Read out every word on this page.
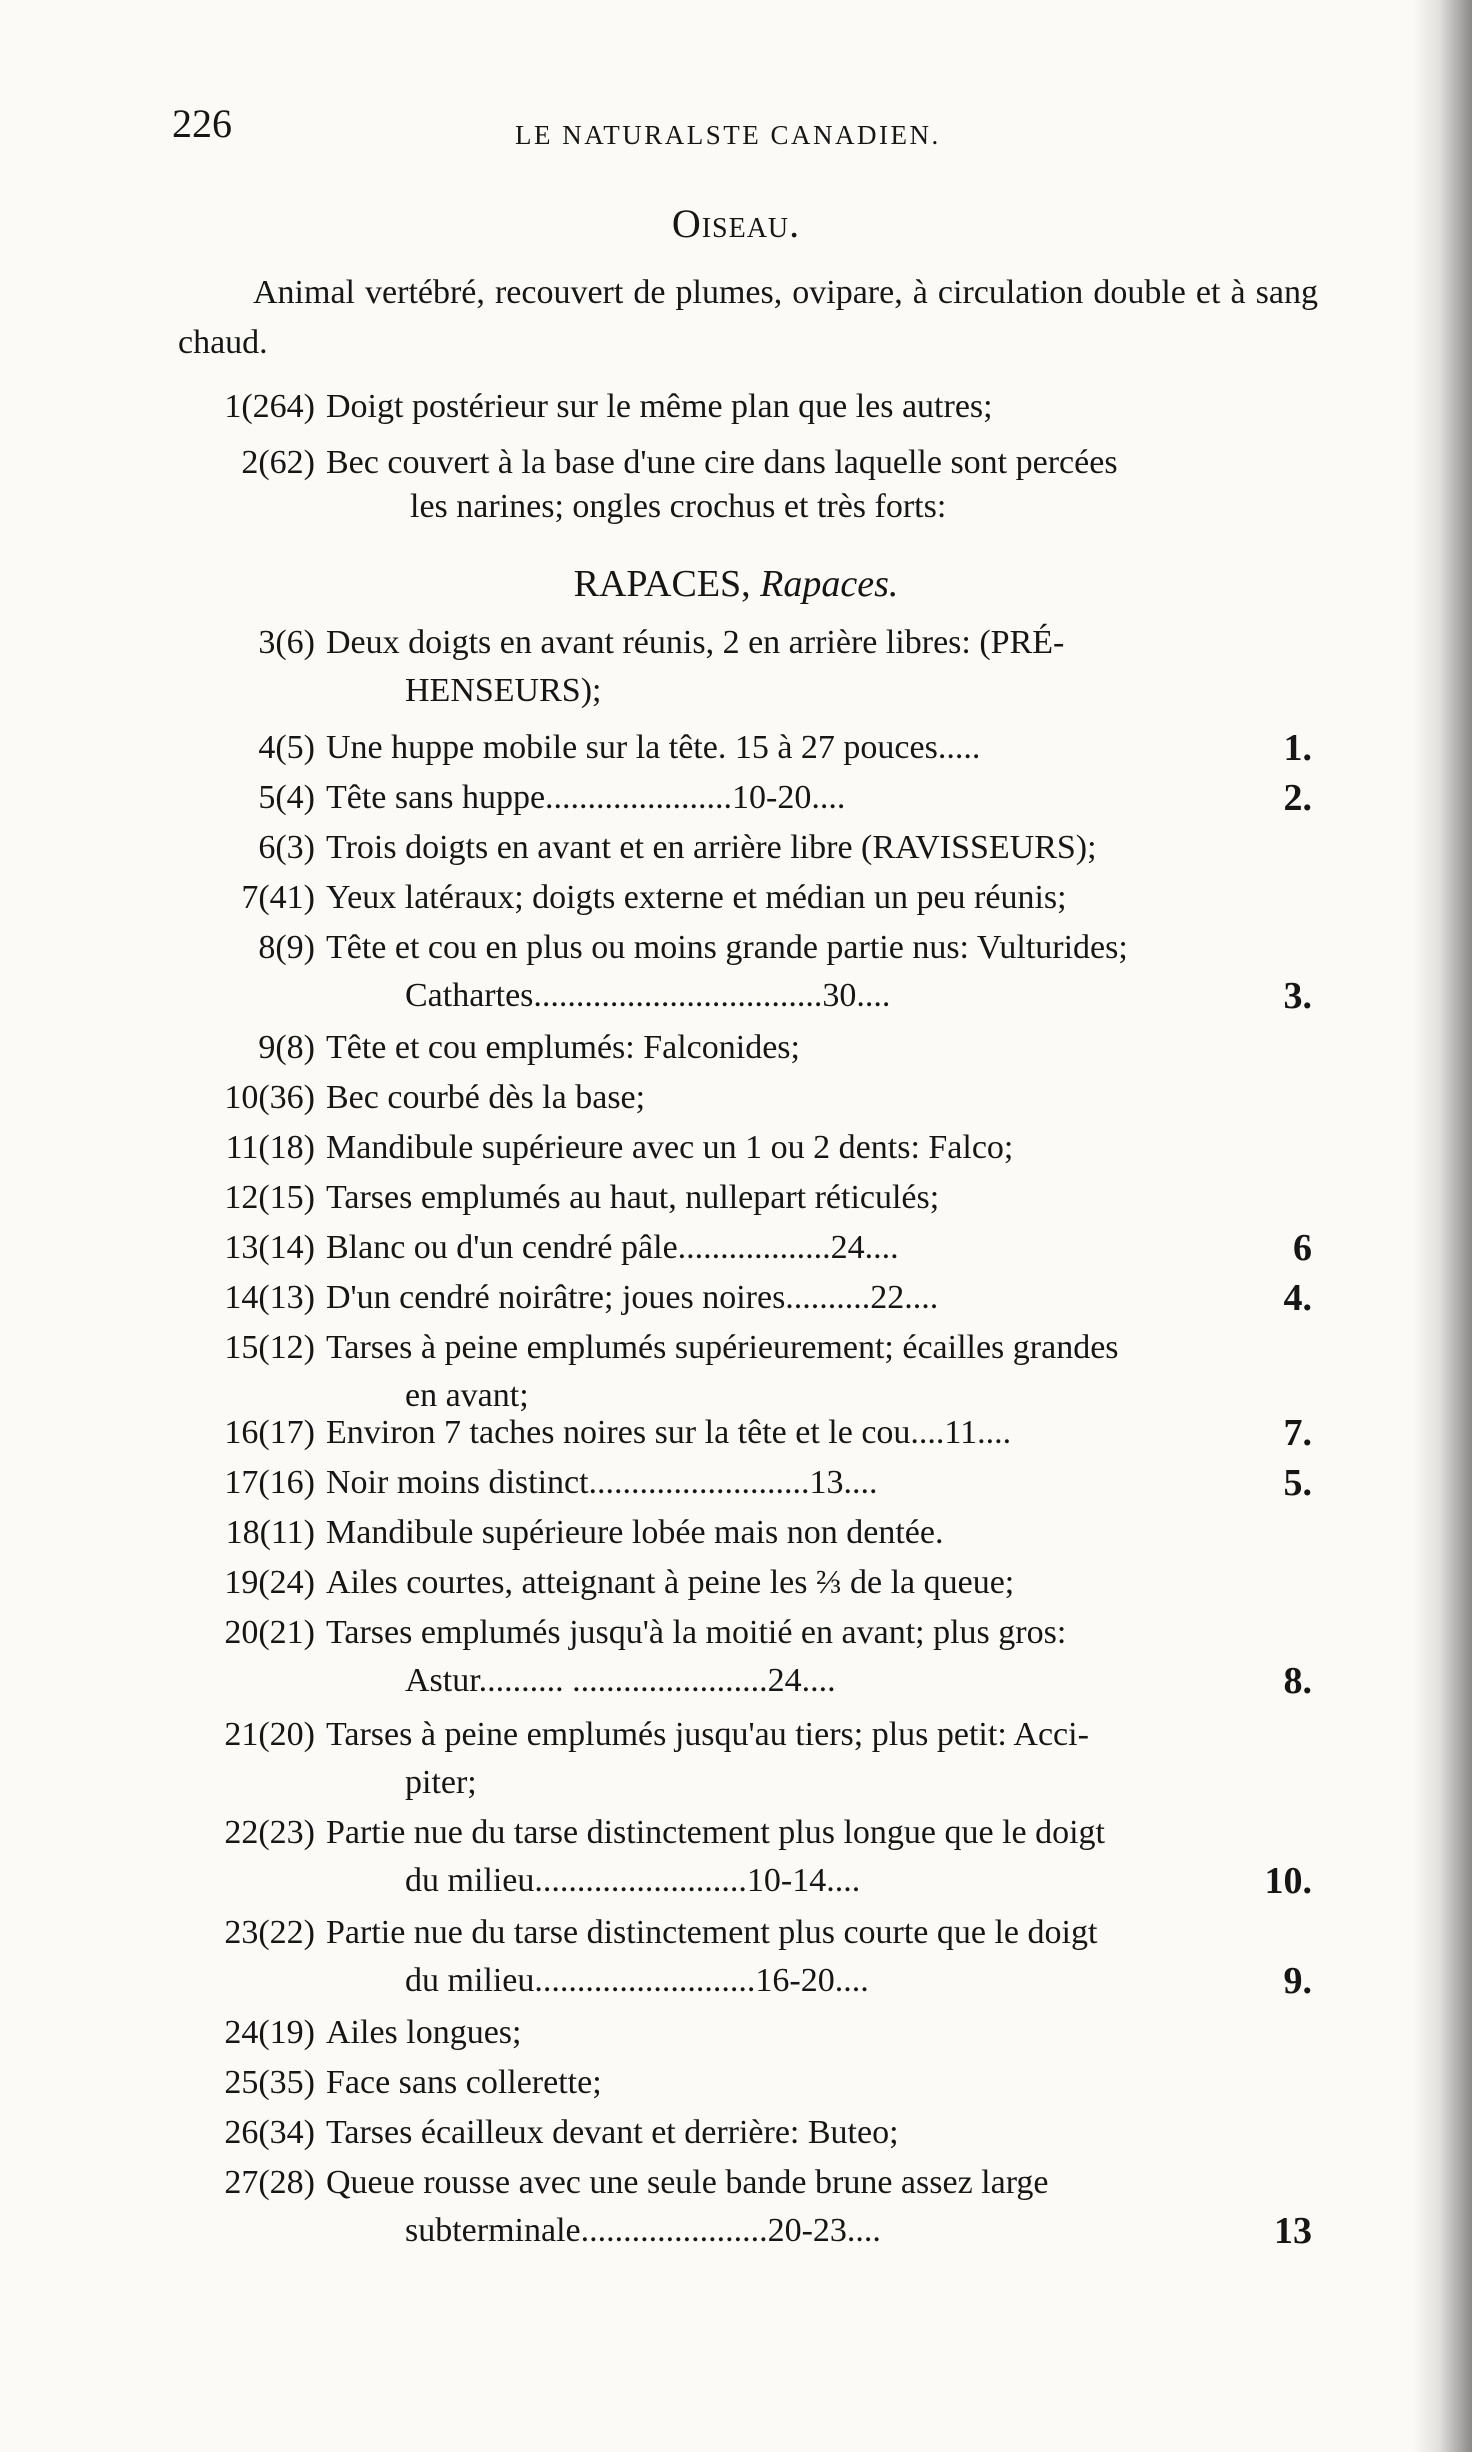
226	LE NATURALSTE CANADIEN.
Oiseau.
Animal vertébré, recouvert de plumes, ovipare, à circulation double et à sang chaud.
1(264) Doigt postérieur sur le même plan que les autres;
2(62) Bec couvert à la base d'une cire dans laquelle sont percées
les narines; ongles crochus et très forts:
RAPACES, Rapaces.
3(6) Deux doigts en avant réunis, 2 en arrière libres: (PRÉ-
HENSEURS);
4(5) Une huppe mobile sur la tête. 15 à 27 pouces.....	1.
5(4) Tête sans huppe......................10-20....	2.
6(3) Trois doigts en avant et en arrière libre (RAVISSEURS);
7(41) Yeux latéraux; doigts externe et médian un peu réunis;
8(9) Tête et cou en plus ou moins grande partie nus: Vulturides;
Cathartes..................................30....	3.
9(8) Tête et cou emplumés: Falconides;
10(36) Bec courbé dès la base;
11(18) Mandibule supérieure avec un 1 ou 2 dents: Falco;
12(15) Tarses emplumés au haut, nullepart réticulés;
13(14) Blanc ou d'un cendré pâle..................24....	6
14(13) D'un cendré noirâtre; joues noires..........22....	4.
15(12) Tarses à peine emplumés supérieurement; écailles grandes
en avant;
16(17) Environ 7 taches noires sur la tête et le cou....11....	7.
17(16) Noir moins distinct..........................13....	5.
18(11) Mandibule supérieure lobée mais non dentée.
19(24) Ailes courtes, atteignant à peine les ⅔ de la queue;
20(21) Tarses emplumés jusqu'à la moitié en avant; plus gros:
Astur.......... .......................24....	8.
21(20) Tarses à peine emplumés jusqu'au tiers; plus petit: Acci-
piter;
22(23) Partie nue du tarse distinctement plus longue que le doigt
du milieu.........................10-14....	10.
23(22) Partie nue du tarse distinctement plus courte que le doigt
du milieu..........................16-20....	9.
24(19) Ailes longues;
25(35) Face sans collerette;
26(34) Tarses écailleux devant et derrière: Buteo;
27(28) Queue rousse avec une seule bande brune assez large
subterminale......................20-23....	13
